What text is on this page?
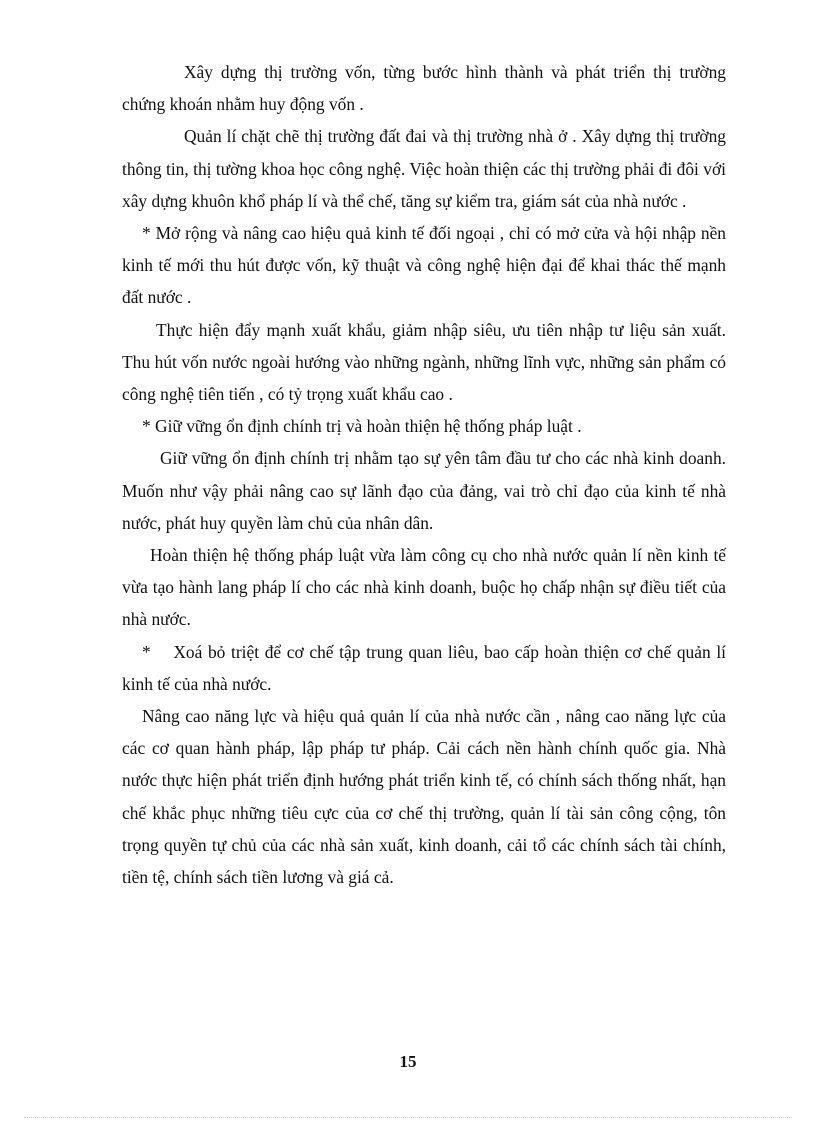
Xây dựng thị trường vốn, từng bước hình thành và phát triển thị trường chứng khoán nhằm huy động vốn .

Quản lí chặt chẽ thị trường đất đai và thị trường nhà ở . Xây dựng thị trường thông tin, thị tường khoa học công nghệ. Việc hoàn thiện các thị trường phải đi đôi với xây dựng khuôn khổ pháp lí và thể chế, tăng sự kiểm tra, giám sát của nhà nước .

* Mở rộng và nâng cao hiệu quả kinh tế đối ngoại , chỉ có mở cửa và hội nhập nền kinh tế mới thu hút được vốn, kỹ thuật và công nghệ hiện đại để khai thác thế mạnh đất nước .

Thực hiện đẩy mạnh xuất khẩu, giảm nhập siêu, ưu tiên nhập tư liệu sản xuất. Thu hút vốn nước ngoài hướng vào những ngành, những lĩnh vực, những sản phẩm có công nghệ tiên tiến , có tỷ trọng xuất khẩu cao .

* Giữ vững ổn định chính trị và hoàn thiện hệ thống pháp luật .

Giữ vững ổn định chính trị nhằm tạo sự yên tâm đầu tư cho các nhà kinh doanh. Muốn như vậy phải nâng cao sự lãnh đạo của đảng, vai trò chỉ đạo của kinh tế nhà nước, phát huy quyền làm chủ của nhân dân.

Hoàn thiện hệ thống pháp luật vừa làm công cụ cho nhà nước quản lí nền kinh tế vừa tạo hành lang pháp lí cho các nhà kinh doanh, buộc họ chấp nhận sự điều tiết của nhà nước.

*    Xoá bỏ triệt để cơ chế tập trung quan liêu, bao cấp hoàn thiện cơ chế quản lí kinh tế của nhà nước.

Nâng cao năng lực và hiệu quả quản lí của nhà nước cần , nâng cao năng lực của các cơ quan hành pháp, lập pháp tư pháp. Cải cách nền hành chính quốc gia. Nhà nước thực hiện phát triển định hướng phát triển kinh tế, có chính sách thống nhất, hạn chế khắc phục những tiêu cực của cơ chế thị trường, quản lí tài sản công cộng, tôn trọng quyền tự chủ của các nhà sản xuất, kinh doanh, cải tổ các chính sách tài chính, tiền tệ, chính sách tiền lương và giá cả.

15
